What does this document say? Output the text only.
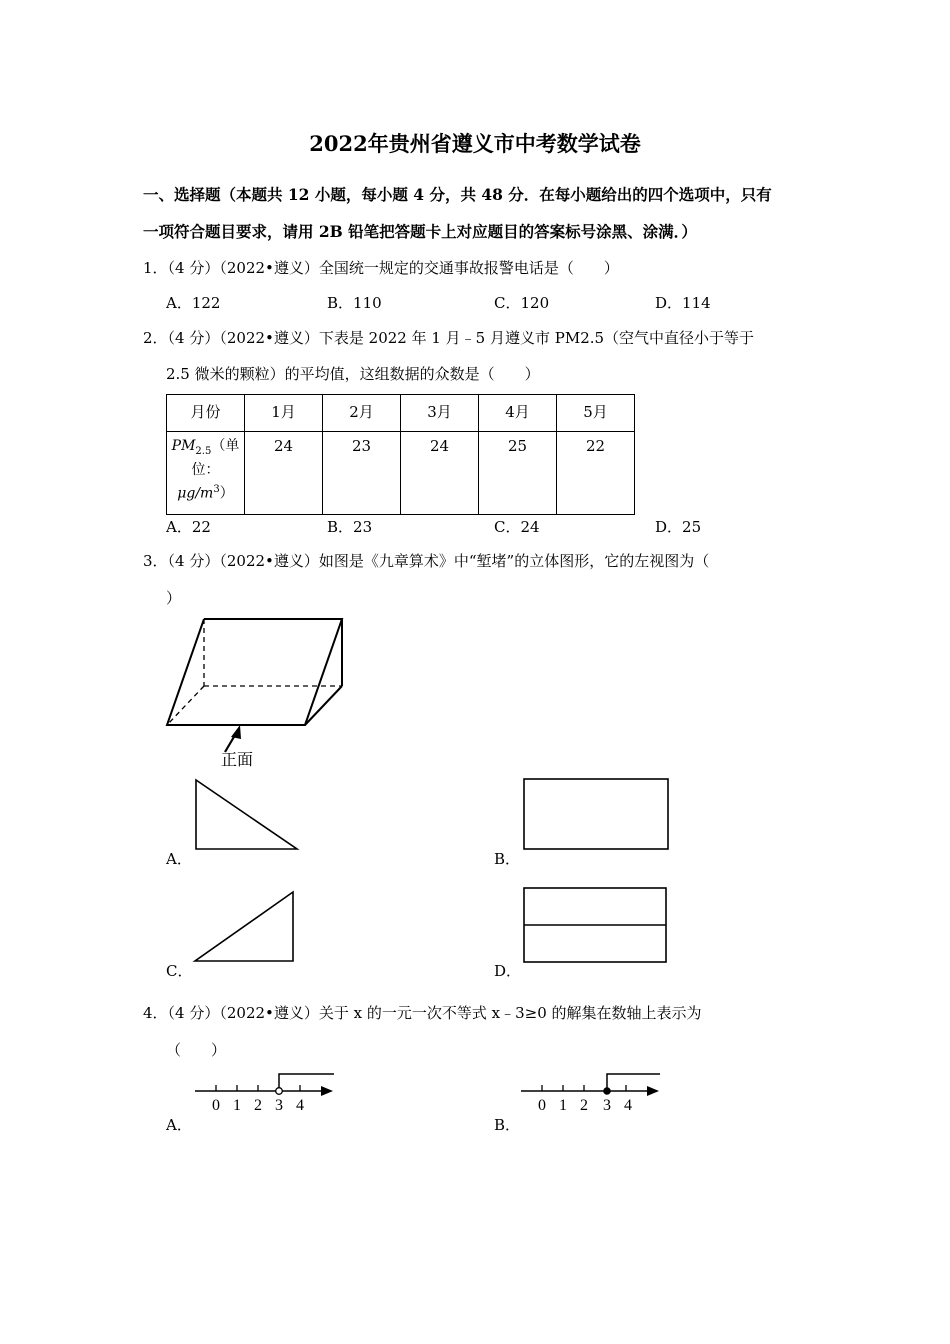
2022年贵州省遵义市中考数学试卷
一、选择题（本题共 12 小题，每小题 4 分，共 48 分．在每小题给出的四个选项中，只有
一项符合题目要求，请用 2B 铅笔把答题卡上对应题目的答案标号涂黑、涂满．）
1．（4 分）（2022•遵义）全国统一规定的交通事故报警电话是（　　）
A．122	B．110	C．120	D．114
2．（4 分）（2022•遵义）下表是 2022 年 1 月﹣5 月遵义市 PM2.5（空气中直径小于等于
2.5 微米的颗粒）的平均值，这组数据的众数是（　　）
月份	1月	2月	3月	4月	5月

$PM_{2.5}$（单
位：
$\mu g/m^3$）	24	23	24	25	22
A．22	B．23	C．24	D．25
3．（4 分）（2022•遵义）如图是《九章算术》中“堑堵”的立体图形，它的左视图为（
）
正面
A．	B．
C．	D．
4．（4 分）（2022•遵义）关于 x 的一元一次不等式 x﹣3≥0 的解集在数轴上表示为
（　　）
0 1 2 3 4
A．
0 1 2 3 4
B．
